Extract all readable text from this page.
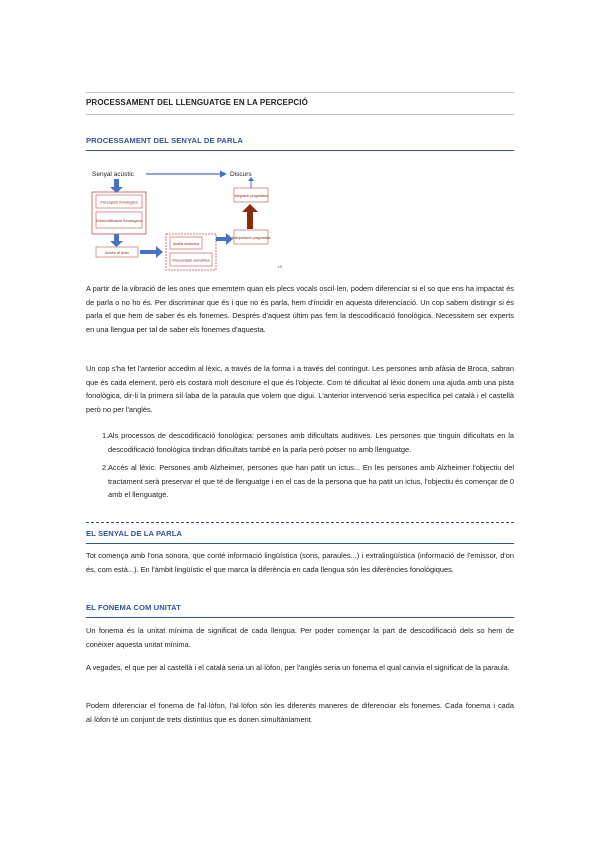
PROCESSAMENT DEL LLENGUATGE EN LA PERCEPCIÓ
PROCESSAMENT DEL SENYAL DE PARLA
Senyal acústic	Discurs
Percepció fonològica
Descodificació fonològica
Accés al lèxic
Anàlisi sintàctica
Interpretació semàntica
Interpretació pragmàtica
Integració pragmàtica
UI

A partir de la vibració de les ones que ememtem quan els plecs vocals oscil·len, podem diferenciar si el so que ens ha impactat és de parla o no ho és. Per discriminar que és i que no és parla, hem d'incidir en aquesta diferenciació. Un cop sabem distingir si és parla el que hem de saber és els fonemes. Després d'aquest últim pas fem la descodificació fonològica. Necessitem ser experts en una llengua per tal de saber els fonemes d'aquesta.

Un cop s'ha fet l'anterior accedim al lèxic, a través de la forma i a través del contingut. Les persones amb afàsia de Broca, sabran que és cada element, però els costarà molt descriure el que és l'objecte. Com té dificultat al lèxic donem una ajuda amb una pista fonològica, dir-li la primera síl·laba de la paraula que volem que digui. L'anterior intervenció seria específica pel català i el castellà però no per l'anglès.

1. Als processos de descodificació fonològica: persones amb dificultats auditives. Les persones que tinguin dificultats en la descodificació fonològica tindran dificultats també en la parla però potser no amb llenguatge.
2. Accés al lèxic. Persones amb Alzheimer, persones que han patit un ictus... En les persones amb Alzheimer l'objectiu del tractament serà preservar el que té de llenguatge i en el cas de la persona que ha patit un ictus, l'objectiu és començar de 0 amb el llenguatge.
EL SENYAL DE LA PARLA

Tot comença amb l'ona sonora, que conté informació lingüística (sons, paraules...) i extralingüística (informació de l'emissor, d'on és, com està...). En l'àmbit lingüístic el que marca la diferència en cada llengua són les diferències fonològiques.

EL FONEMA COM UNITAT

Un fonema és la unitat mínima de significat de cada llengua. Per poder començar la part de descodificació dels so hem de conèixer aquesta unitat mínima.

A vegades, el que per al castellà i el català seria un al·lòfon, per l'anglès seria un fonema el qual canvia el significat de la paraula.

Podem diferenciar el fonema de l'al·lòfon, l'al·lòfon són les diferents maneres de diferenciar els fonemes. Cada fonema i cada al·lòfon té un conjunt de trets distintius que es donen simultàniament.
